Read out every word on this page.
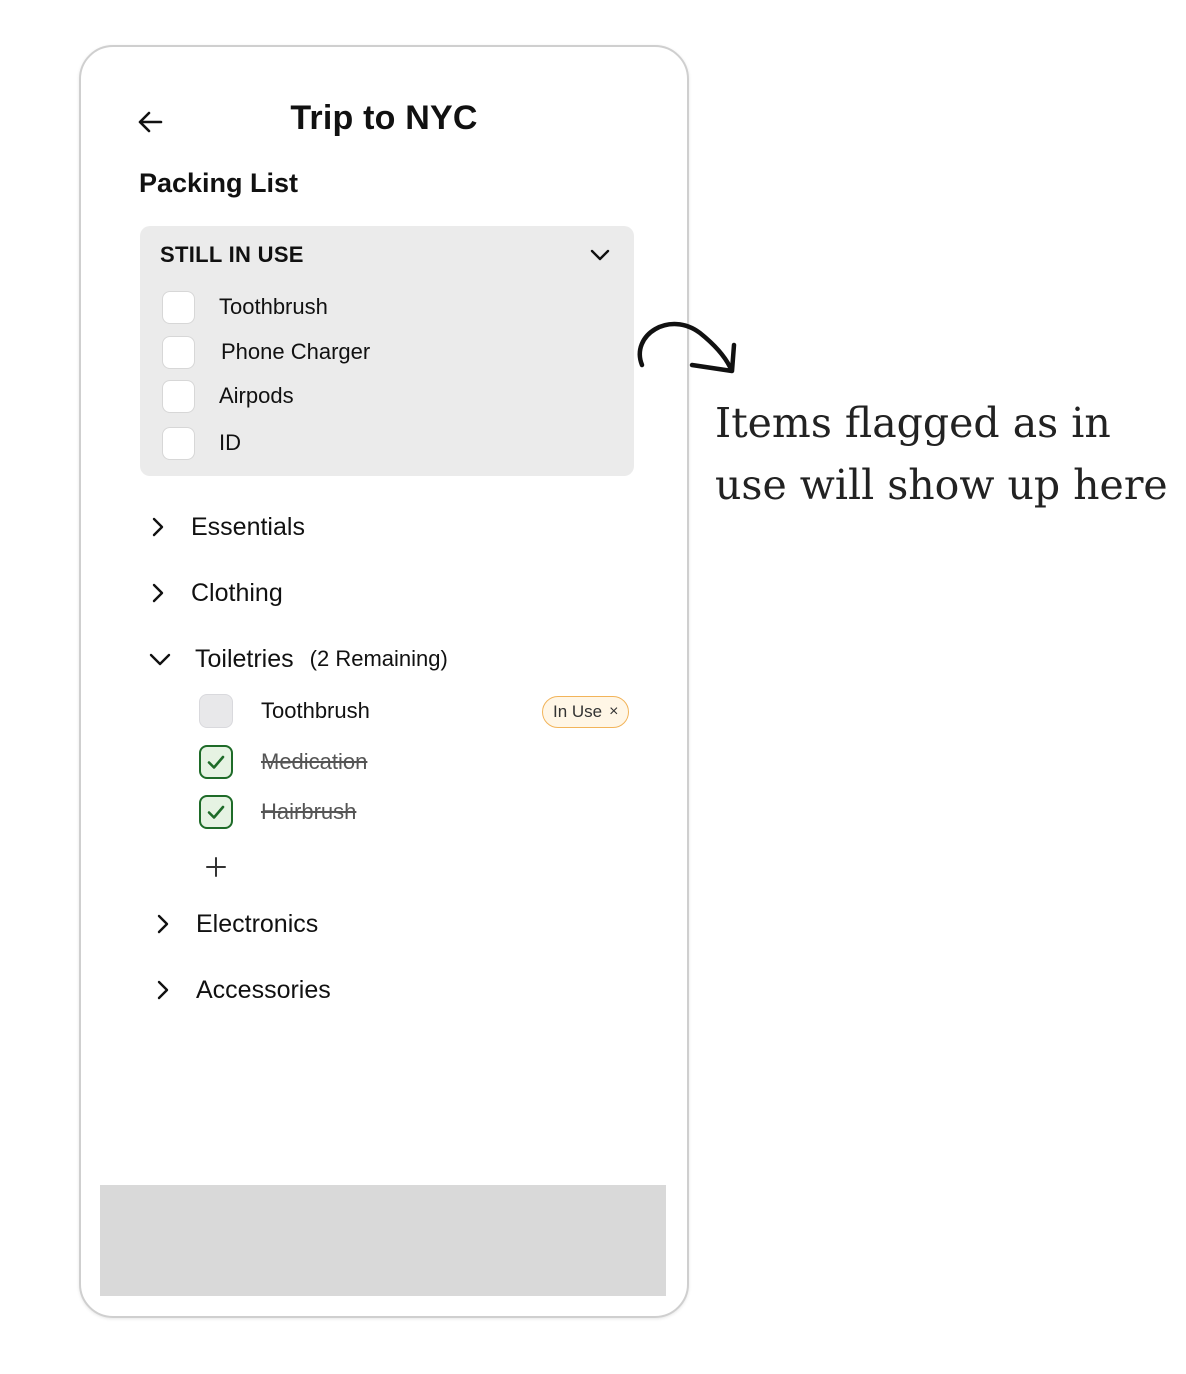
Trip to NYC
Packing List
STILL IN USE
Toothbrush
Phone Charger
Airpods
ID
Essentials
Clothing
Toiletries (2 Remaining)
Toothbrush	In Use ×
Medication
Hairbrush
Electronics
Accessories
Items flagged as in use will show up here
